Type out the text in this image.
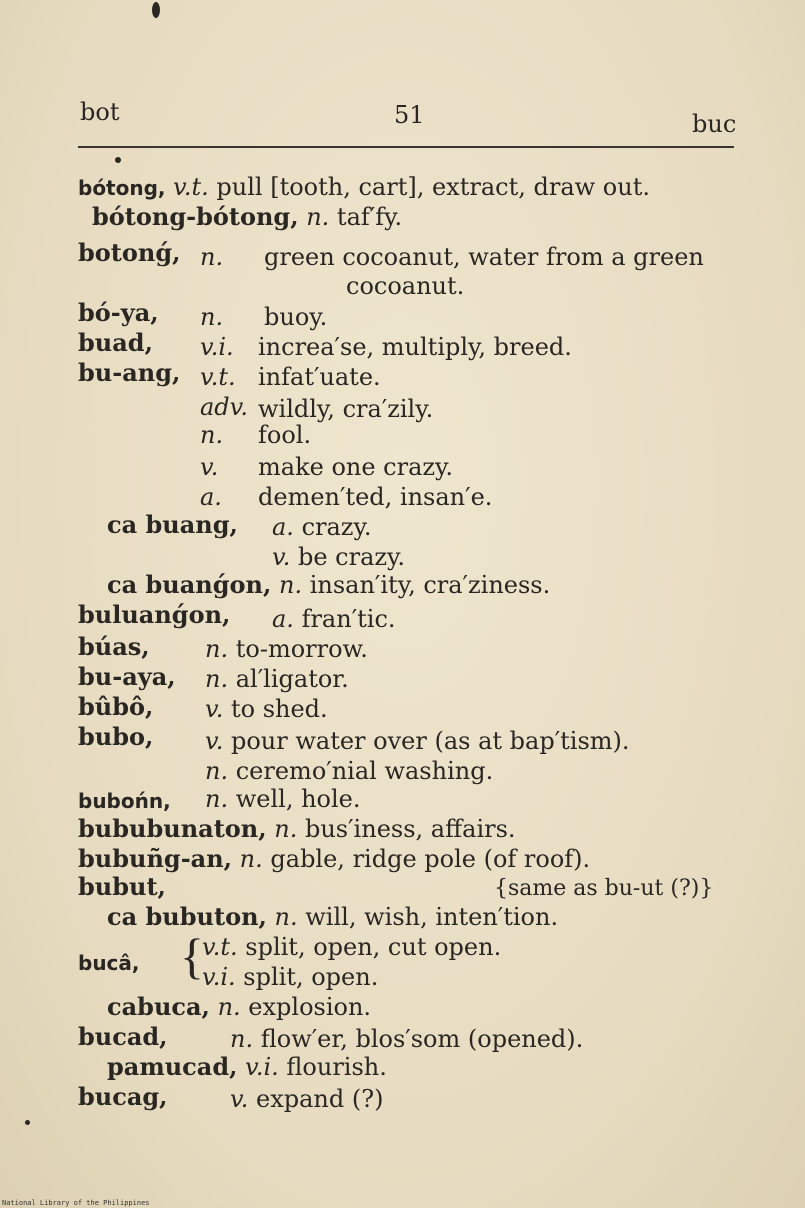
bot	51	buc
bótong, v.t. pull [tooth, cart], extract, draw out.
bótong-bótong, n. taf′fy.
botonǵ, n. green cocoanut, water from a green
cocoanut.
bó-ya, n. buoy.
buad, v.i. increa′se, multiply, breed.
bu-ang, v.t. infat′uate.
adv. wildly, cra′zily.
n. fool.
v. make one crazy.
a. demen′ted, insan′e.
ca buang, a. crazy.
v. be crazy.
ca buanǵon, n. insan′ity, cra′ziness.
buluanǵon, a. fran′tic.
búas, n. to-morrow.
bu-aya, n. al′ligator.
bûbô, v. to shed.
bubo, v. pour water over (as at bap′tism).
n. ceremo′nial washing.
bubońn, n. well, hole.
bububunaton, n. bus′iness, affairs.
bubuñg-an, n. gable, ridge pole (of roof).
bubut,	{same as bu-ut (?)}
ca bubuton, n. will, wish, inten′tion.
bucâ, {
v.t. split, open, cut open.
v.i. split, open.
cabuca, n. explosion.
bucad,	n. flow′er, blos′som (opened).
pamucad, v.i. flourish.
bucag,	v. expand (?)
National Library of the Philippines
